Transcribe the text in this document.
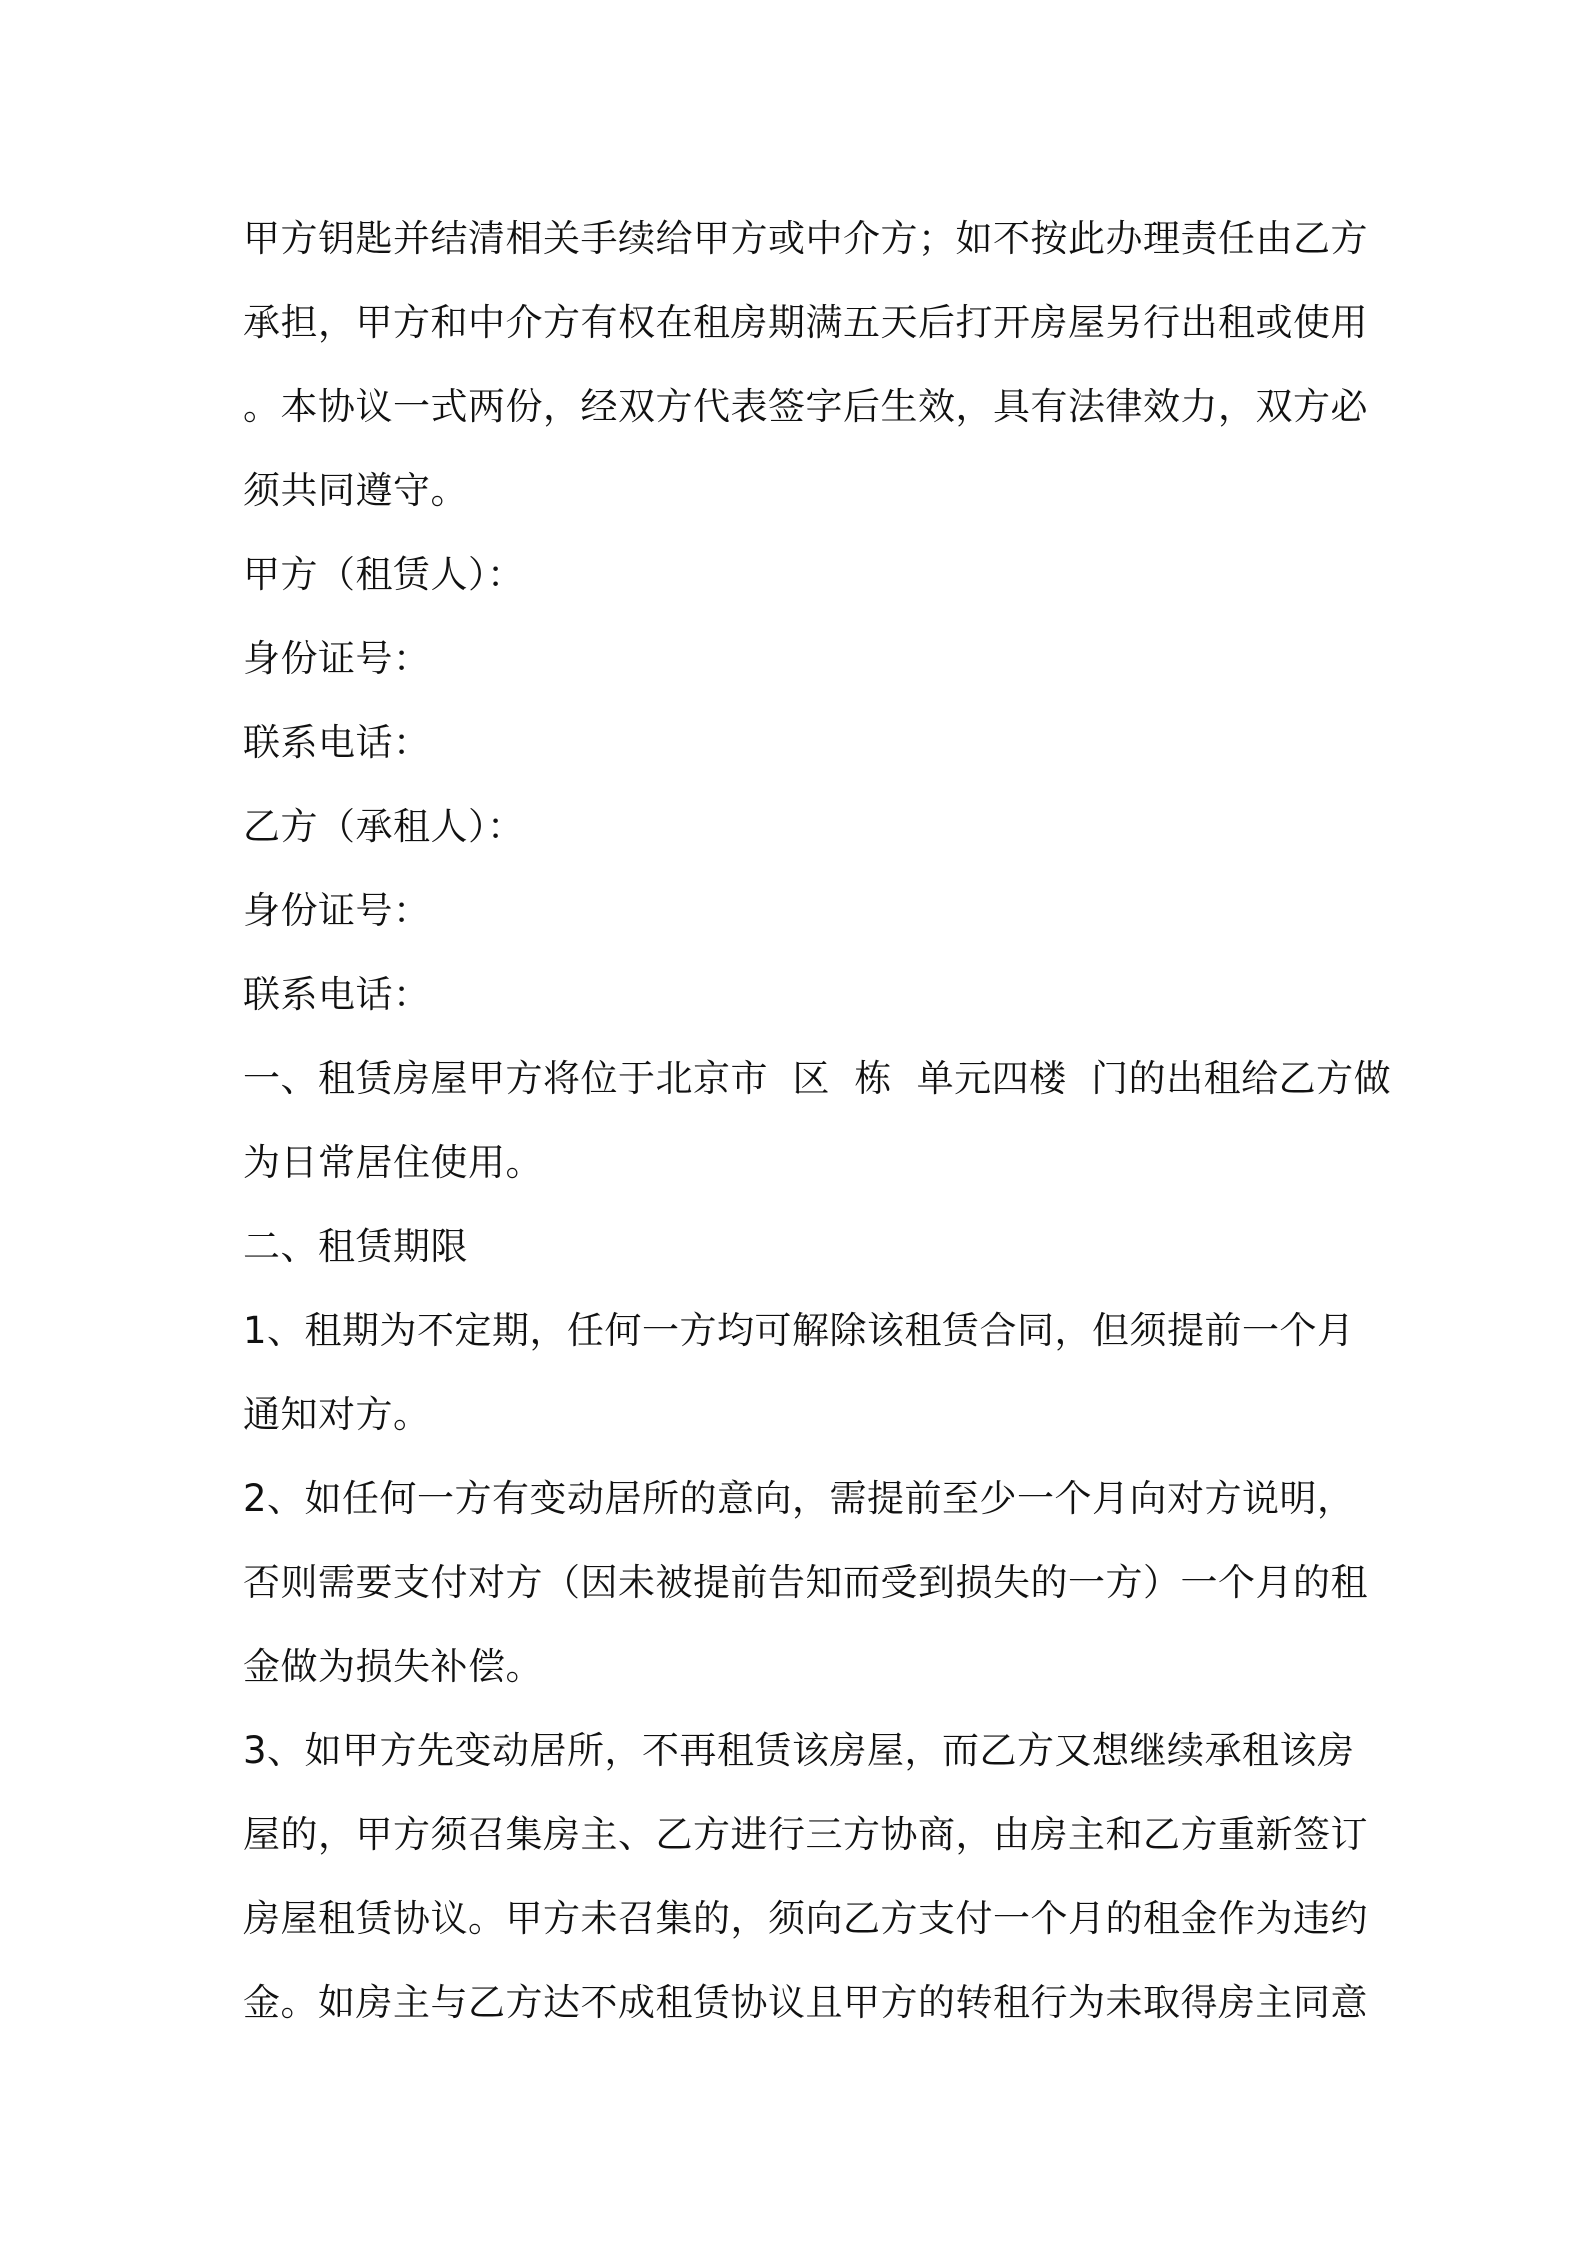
甲方钥匙并结清相关手续给甲方或中介方；如不按此办理责任由乙方
承担，甲方和中介方有权在租房期满五天后打开房屋另行出租或使用
。本协议一式两份，经双方代表签字后生效，具有法律效力，双方必
须共同遵守。
甲方（租赁人）：
身份证号：
联系电话：
乙方（承租人）：
身份证号：
联系电话：
一、租赁房屋甲方将位于北京市  区  栋  单元四楼  门的出租给乙方做
为日常居住使用。
二、租赁期限
1、租期为不定期，任何一方均可解除该租赁合同，但须提前一个月
通知对方。
2、如任何一方有变动居所的意向，需提前至少一个月向对方说明，
否则需要支付对方（因未被提前告知而受到损失的一方）一个月的租
金做为损失补偿。
3、如甲方先变动居所，不再租赁该房屋，而乙方又想继续承租该房
屋的，甲方须召集房主、乙方进行三方协商，由房主和乙方重新签订
房屋租赁协议。甲方未召集的，须向乙方支付一个月的租金作为违约
金。如房主与乙方达不成租赁协议且甲方的转租行为未取得房主同意
